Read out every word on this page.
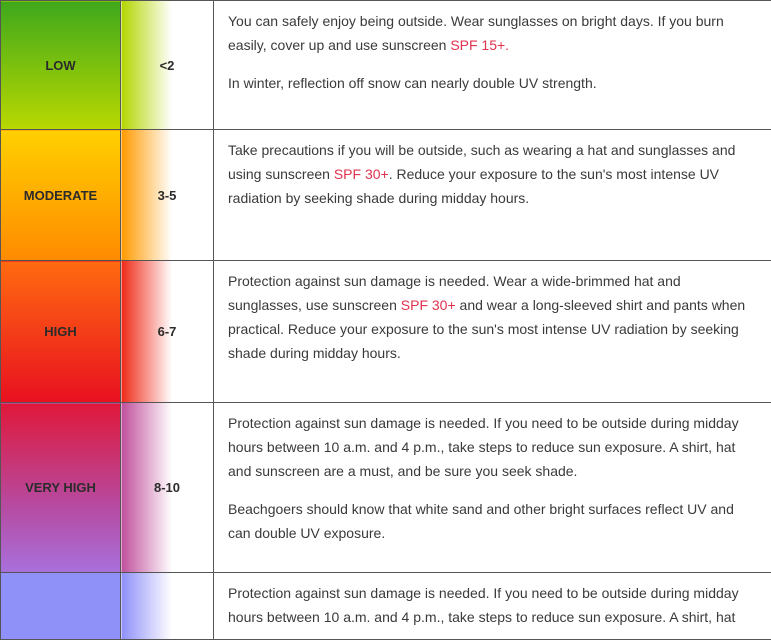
LOW	<2	You can safely enjoy being outside. Wear sunglasses on bright days. If you burn easily, cover up and use sunscreen SPF 15+.

In winter, reflection off snow can nearly double UV strength.

MODERATE	3-5	Take precautions if you will be outside, such as wearing a hat and sunglasses and using sunscreen SPF 30+. Reduce your exposure to the sun's most intense UV radiation by seeking shade during midday hours.

HIGH	6-7	Protection against sun damage is needed. Wear a wide-brimmed hat and sunglasses, use sunscreen SPF 30+ and wear a long-sleeved shirt and pants when practical. Reduce your exposure to the sun's most intense UV radiation by seeking shade during midday hours.

VERY HIGH	8-10	Protection against sun damage is needed. If you need to be outside during midday hours between 10 a.m. and 4 p.m., take steps to reduce sun exposure. A shirt, hat and sunscreen are a must, and be sure you seek shade.

Beachgoers should know that white sand and other bright surfaces reflect UV and can double UV exposure.

		Protection against sun damage is needed. If you need to be outside during midday hours between 10 a.m. and 4 p.m., take steps to reduce sun exposure. A shirt, hat
